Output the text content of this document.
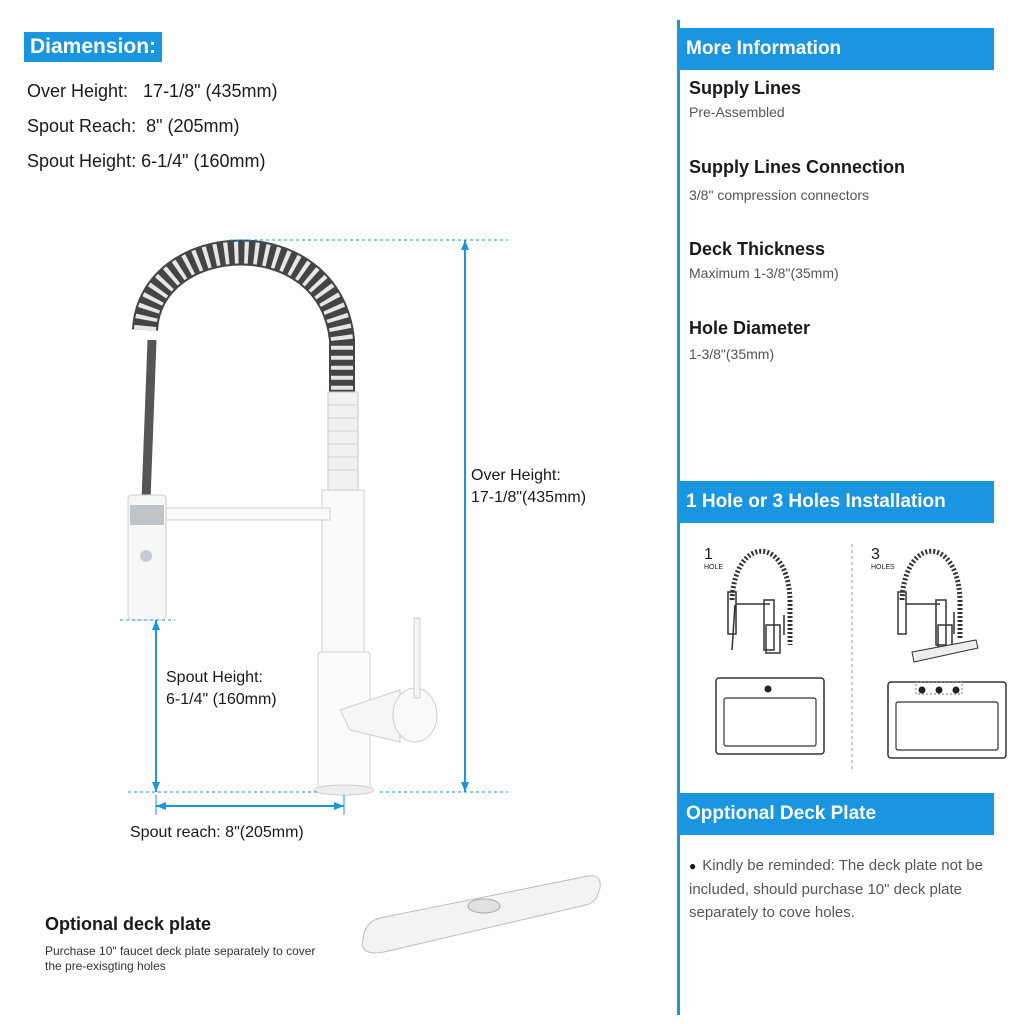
Diamension:
Over Height:   17-1/8" (435mm)
Spout Reach:  8" (205mm)
Spout Height: 6-1/4" (160mm)
Over Height:
17-1/8"(435mm)
Spout Height:
6-1/4" (160mm)
Spout reach: 8"(205mm)
Optional deck plate
Purchase 10" faucet deck plate separately to cover the pre-exisgting holes
More Information
Supply Lines
Pre-Assembled
Supply Lines Connection
3/8" compression connectors
Deck Thickness
Maximum 1-3/8"(35mm)
Hole Diameter
1-3/8"(35mm)
1 Hole or 3 Holes Installation
1
HOLE
3
HOLES
Opptional Deck Plate
● Kindly be reminded: The deck plate not be included, should purchase 10" deck plate separately to cove holes.
